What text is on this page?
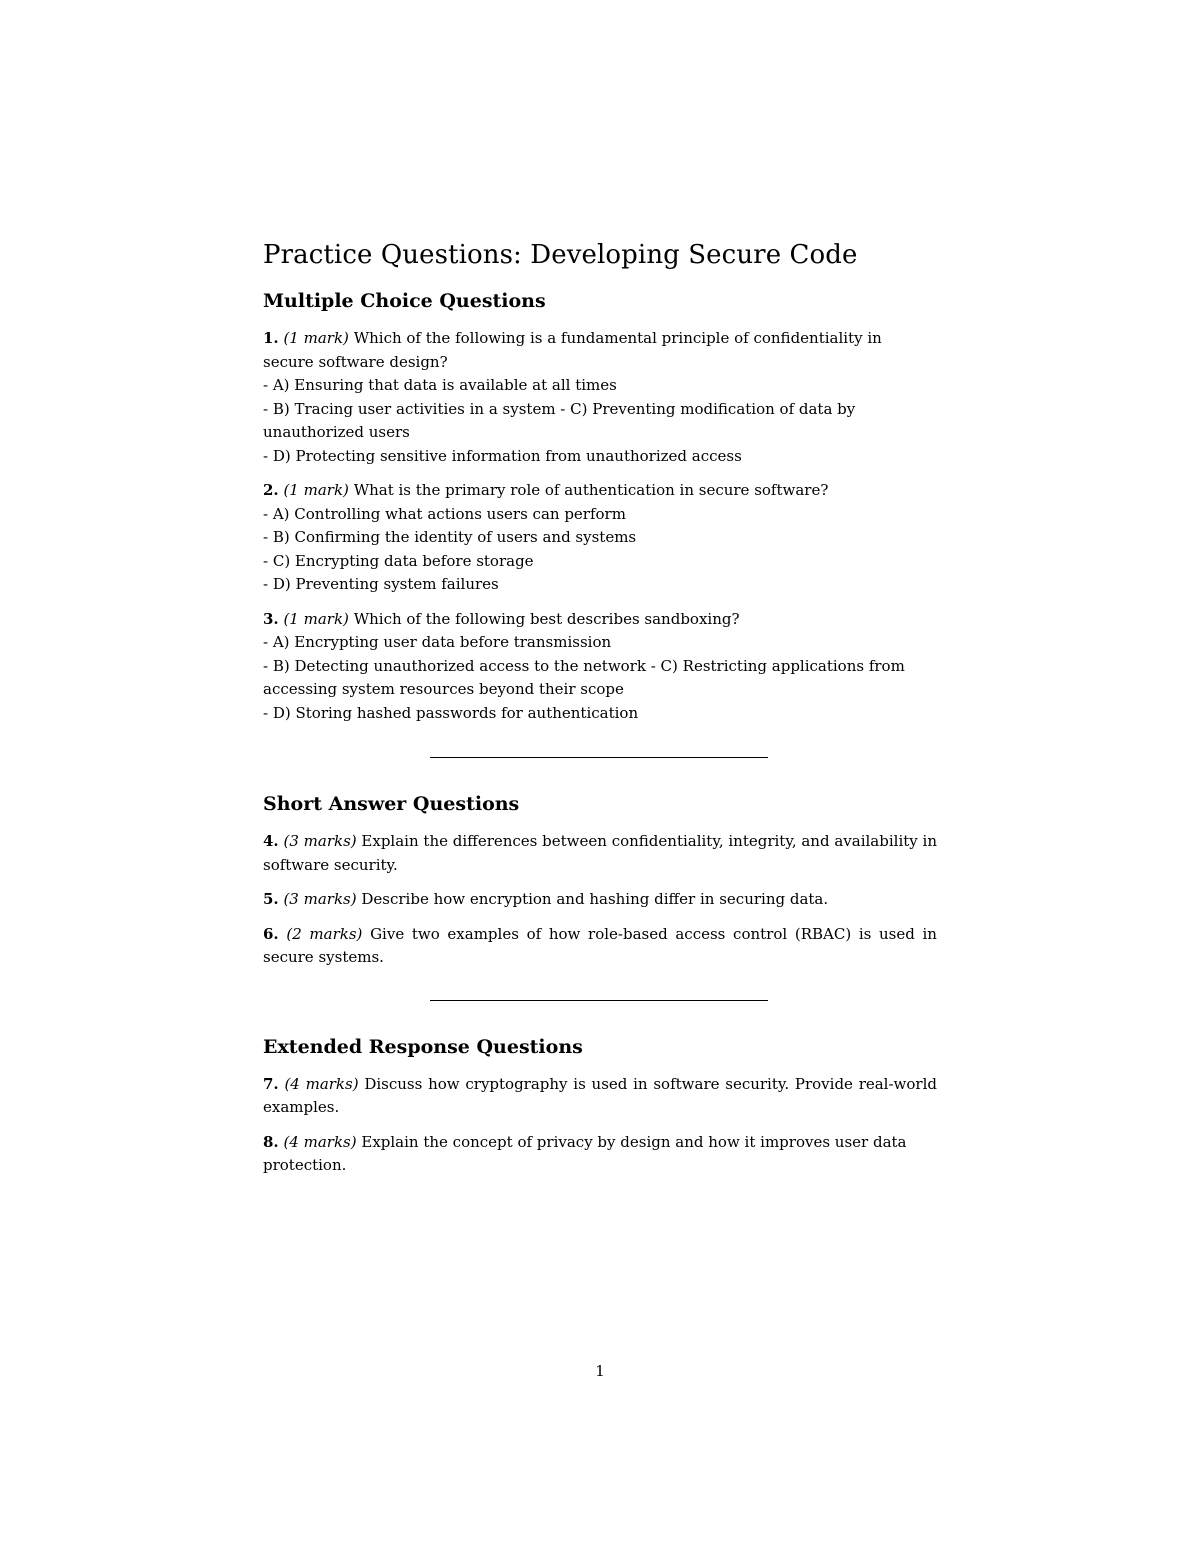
Practice Questions: Developing Secure Code
Multiple Choice Questions

1. (1 mark) Which of the following is a fundamental principle of confidentiality in secure software design?
- A) Ensuring that data is available at all times
- B) Tracing user activities in a system - C) Preventing modification of data by unauthorized users
- D) Protecting sensitive information from unauthorized access

2. (1 mark) What is the primary role of authentication in secure software?
- A) Controlling what actions users can perform
- B) Confirming the identity of users and systems
- C) Encrypting data before storage
- D) Preventing system failures

3. (1 mark) Which of the following best describes sandboxing?
- A) Encrypting user data before transmission
- B) Detecting unauthorized access to the network - C) Restricting applications from accessing system resources beyond their scope
- D) Storing hashed passwords for authentication

Short Answer Questions

4. (3 marks) Explain the differences between confidentiality, integrity, and availability in software security.

5. (3 marks) Describe how encryption and hashing differ in securing data.

6. (2 marks) Give two examples of how role-based access control (RBAC) is used in secure systems.

Extended Response Questions

7. (4 marks) Discuss how cryptography is used in software security. Provide real-world examples.

8. (4 marks) Explain the concept of privacy by design and how it improves user data protection.

1
